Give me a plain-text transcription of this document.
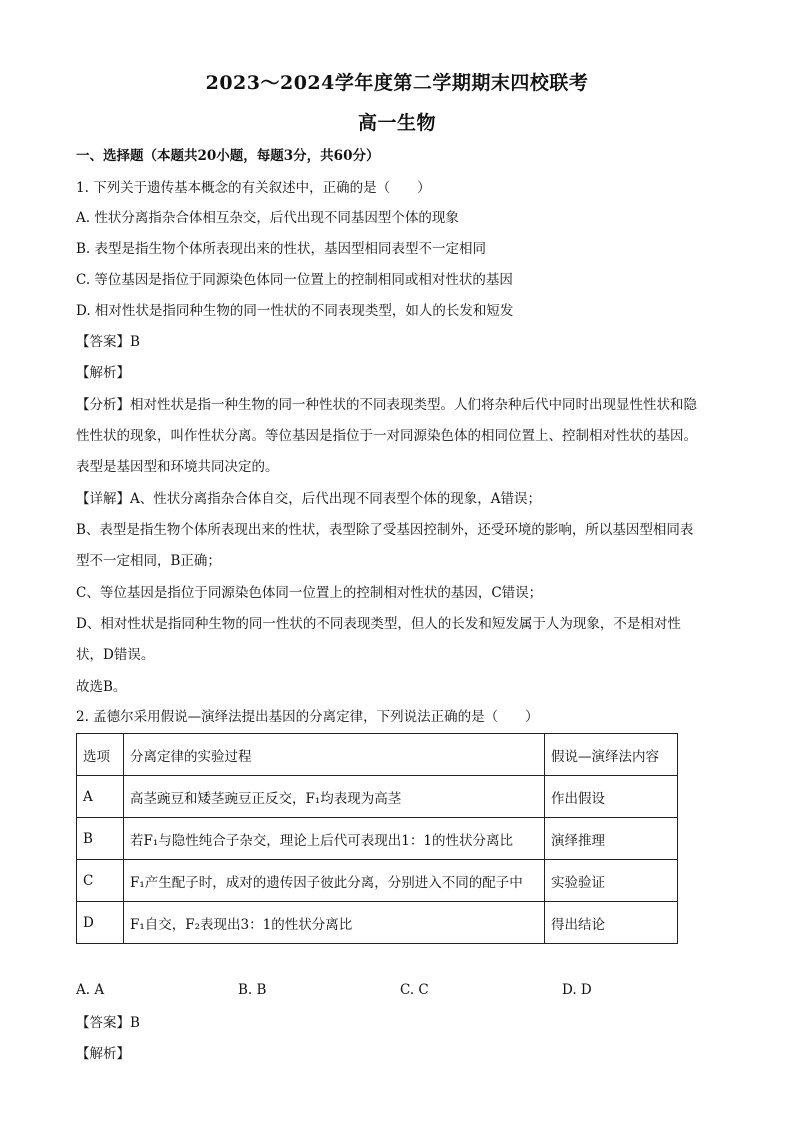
2023～2024学年度第二学期期末四校联考
高一生物
一、选择题（本题共20小题，每题3分，共60分）
1. 下列关于遗传基本概念的有关叙述中，正确的是（　　）
A. 性状分离指杂合体相互杂交，后代出现不同基因型个体的现象
B. 表型是指生物个体所表现出来的性状，基因型相同表型不一定相同
C. 等位基因是指位于同源染色体同一位置上的控制相同或相对性状的基因
D. 相对性状是指同种生物的同一性状的不同表现类型，如人的长发和短发
【答案】B
【解析】
【分析】相对性状是指一种生物的同一种性状的不同表现类型。人们将杂种后代中同时出现显性性状和隐
性性状的现象，叫作性状分离。等位基因是指位于一对同源染色体的相同位置上、控制相对性状的基因。
表型是基因型和环境共同决定的。
【详解】A、性状分离指杂合体自交，后代出现不同表型个体的现象，A错误；
B、表型是指生物个体所表现出来的性状，表型除了受基因控制外，还受环境的影响，所以基因型相同表
型不一定相同，B正确；
C、等位基因是指位于同源染色体同一位置上的控制相对性状的基因，C错误；
D、相对性状是指同种生物的同一性状的不同表现类型，但人的长发和短发属于人为现象，不是相对性
状，D错误。
故选B。
2. 孟德尔采用假说—演绎法提出基因的分离定律，下列说法正确的是（　　）
选项	分离定律的实验过程	假说—演绎法内容
A	高茎豌豆和矮茎豌豆正反交，F₁均表现为高茎	作出假设
B	若F₁与隐性纯合子杂交，理论上后代可表现出1：1的性状分离比	演绎推理
C	F₁产生配子时，成对的遗传因子彼此分离，分别进入不同的配子中	实验验证
D	F₁自交，F₂表现出3：1的性状分离比	得出结论
A. A	B. B	C. C	D. D
【答案】B
【解析】
